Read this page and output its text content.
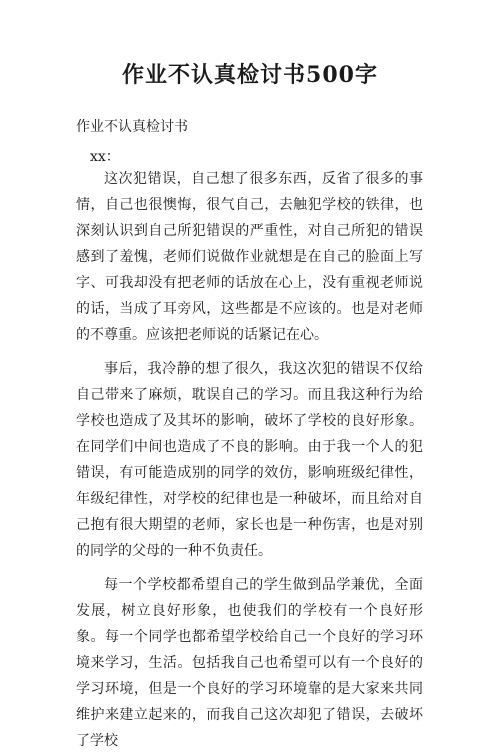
作业不认真检讨书500字

作业不认真检讨书

xx：

这次犯错误，自己想了很多东西，反省了很多的事情，自己也很懊悔，很气自己，去触犯学校的铁律，也深刻认识到自己所犯错误的严重性，对自己所犯的错误感到了羞愧，老师们说做作业就想是在自己的脸面上写字、可我却没有把老师的话放在心上，没有重视老师说的话，当成了耳旁风，这些都是不应该的。也是对老师的不尊重。应该把老师说的话紧记在心。

事后，我冷静的想了很久，我这次犯的错误不仅给自己带来了麻烦，耽误自己的学习。而且我这种行为给学校也造成了及其坏的影响，破坏了学校的良好形象。在同学们中间也造成了不良的影响。由于我一个人的犯错误，有可能造成别的同学的效仿，影响班级纪律性，年级纪律性，对学校的纪律也是一种破坏，而且给对自己抱有很大期望的老师，家长也是一种伤害，也是对别的同学的父母的一种不负责任。

每一个学校都希望自己的学生做到品学兼优，全面发展，树立良好形象，也使我们的学校有一个良好形象。每一个同学也都希望学校给自己一个良好的学习环境来学习，生活。包括我自己也希望可以有一个良好的学习环境，但是一个良好的学习环境靠的是大家来共同维护来建立起来的，而我自己这次却犯了错误，去破坏了学校
